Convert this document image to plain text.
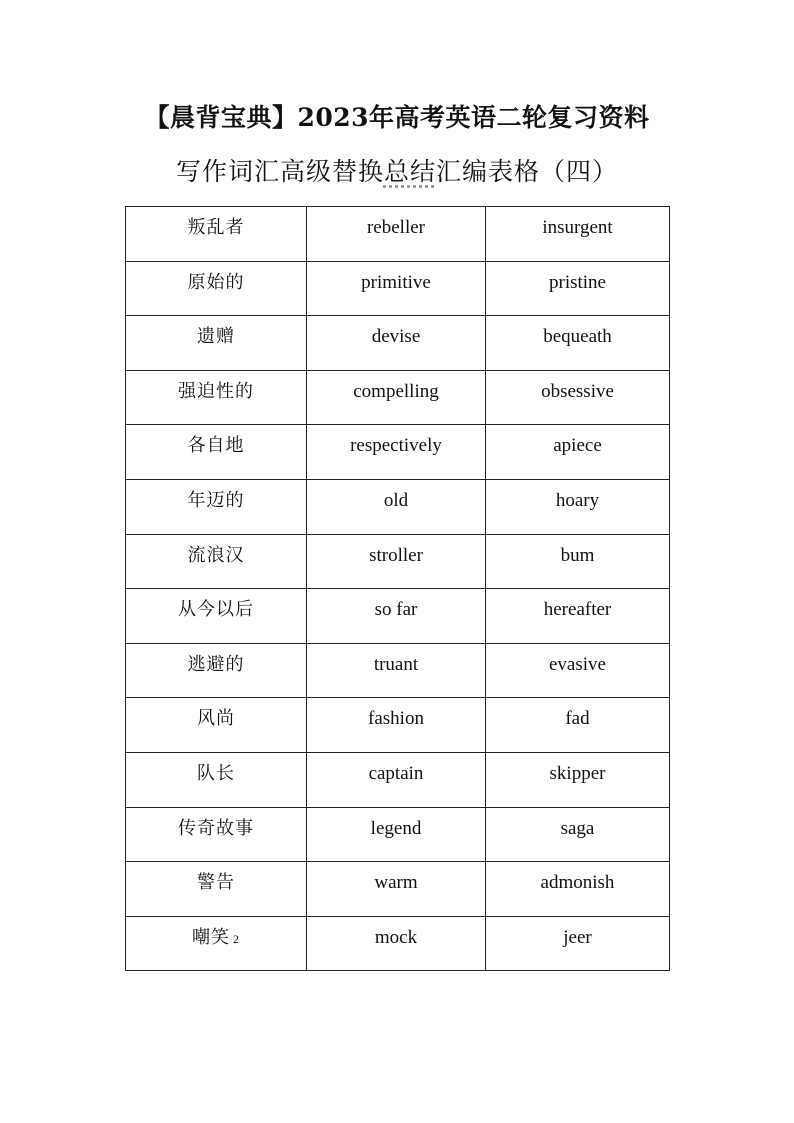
【晨背宝典】2023年高考英语二轮复习资料
写作词汇高级替换总结汇编表格（四）
叛乱者	rebeller	insurgent
原始的	primitive	pristine
遗赠	devise	bequeath
强迫性的	compelling	obsessive
各自地	respectively	apiece
年迈的	old	hoary
流浪汉	stroller	bum
从今以后	so far	hereafter
逃避的	truant	evasive
风尚	fashion	fad
队长	captain	skipper
传奇故事	legend	saga
警告	warm	admonish
嘲笑 2	mock	jeer
